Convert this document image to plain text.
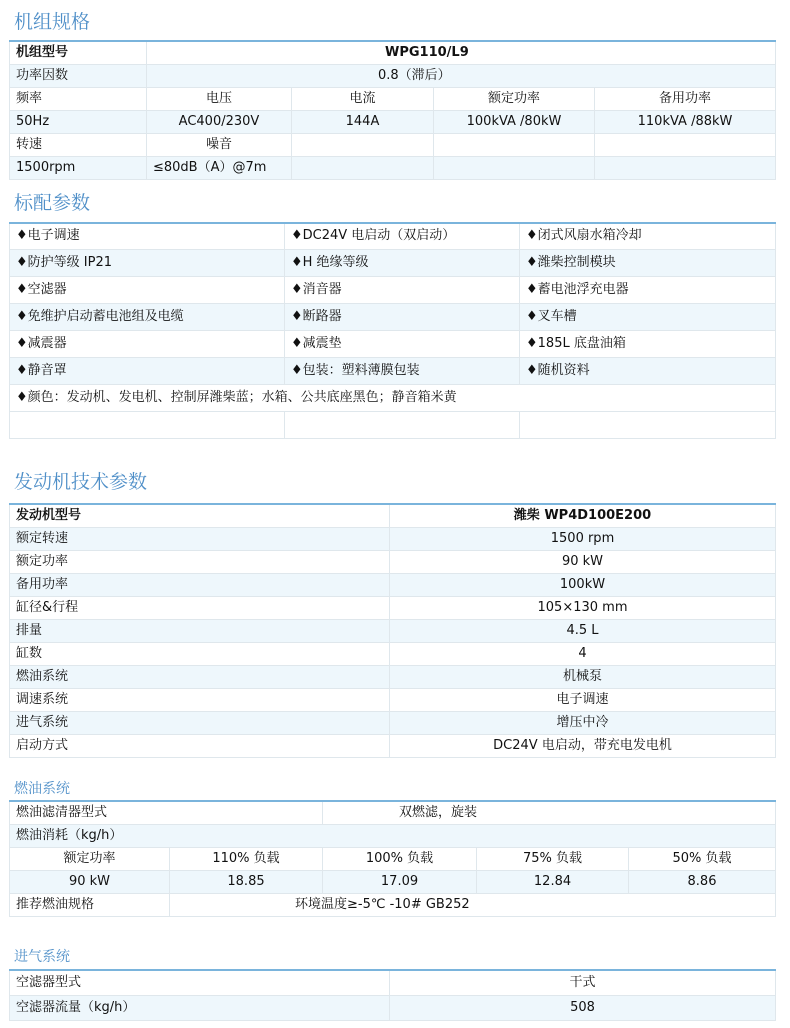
机组规格
机组型号	WPG110/L9			
功率因数	0.8（滞后）			
频率	电压	电流	额定功率	备用功率
50Hz	AC400/230V	144A	100kVA /80kW	110kVA /88kW
转速	噪音			
1500rpm	≤80dB（A）@7m			
标配参数
♦电子调速	♦DC24V 电启动（双启动）	♦闭式风扇水箱冷却
♦防护等级 IP21	♦H 绝缘等级	♦潍柴控制模块
♦空滤器	♦消音器	♦蓄电池浮充电器
♦免维护启动蓄电池组及电缆	♦断路器	♦叉车槽
♦减震器	♦减震垫	♦185L 底盘油箱
♦静音罩	♦包装：塑料薄膜包装	♦随机资料
♦颜色：发动机、发电机、控制屏潍柴蓝；水箱、公共底座黑色；静音箱米黄		

发动机技术参数
发动机型号	潍柴 WP4D100E200
额定转速	1500 rpm
额定功率	90 kW
备用功率	100kW
缸径&行程	105×130 mm
排量	4.5 L
缸数	4
燃油系统	机械泵
调速系统	电子调速
进气系统	增压中冷
启动方式	DC24V 电启动，带充电发电机
燃油系统
燃油滤清器型式		双燃滤，旋装		
燃油消耗（kg/h）				
额定功率	110% 负载	100% 负载	75% 负载	50% 负载
90 kW	18.85	17.09	12.84	8.86
推荐燃油规格	环境温度≥-5℃ -10# GB252			
进气系统
空滤器型式	干式
空滤器流量（kg/h）	508
